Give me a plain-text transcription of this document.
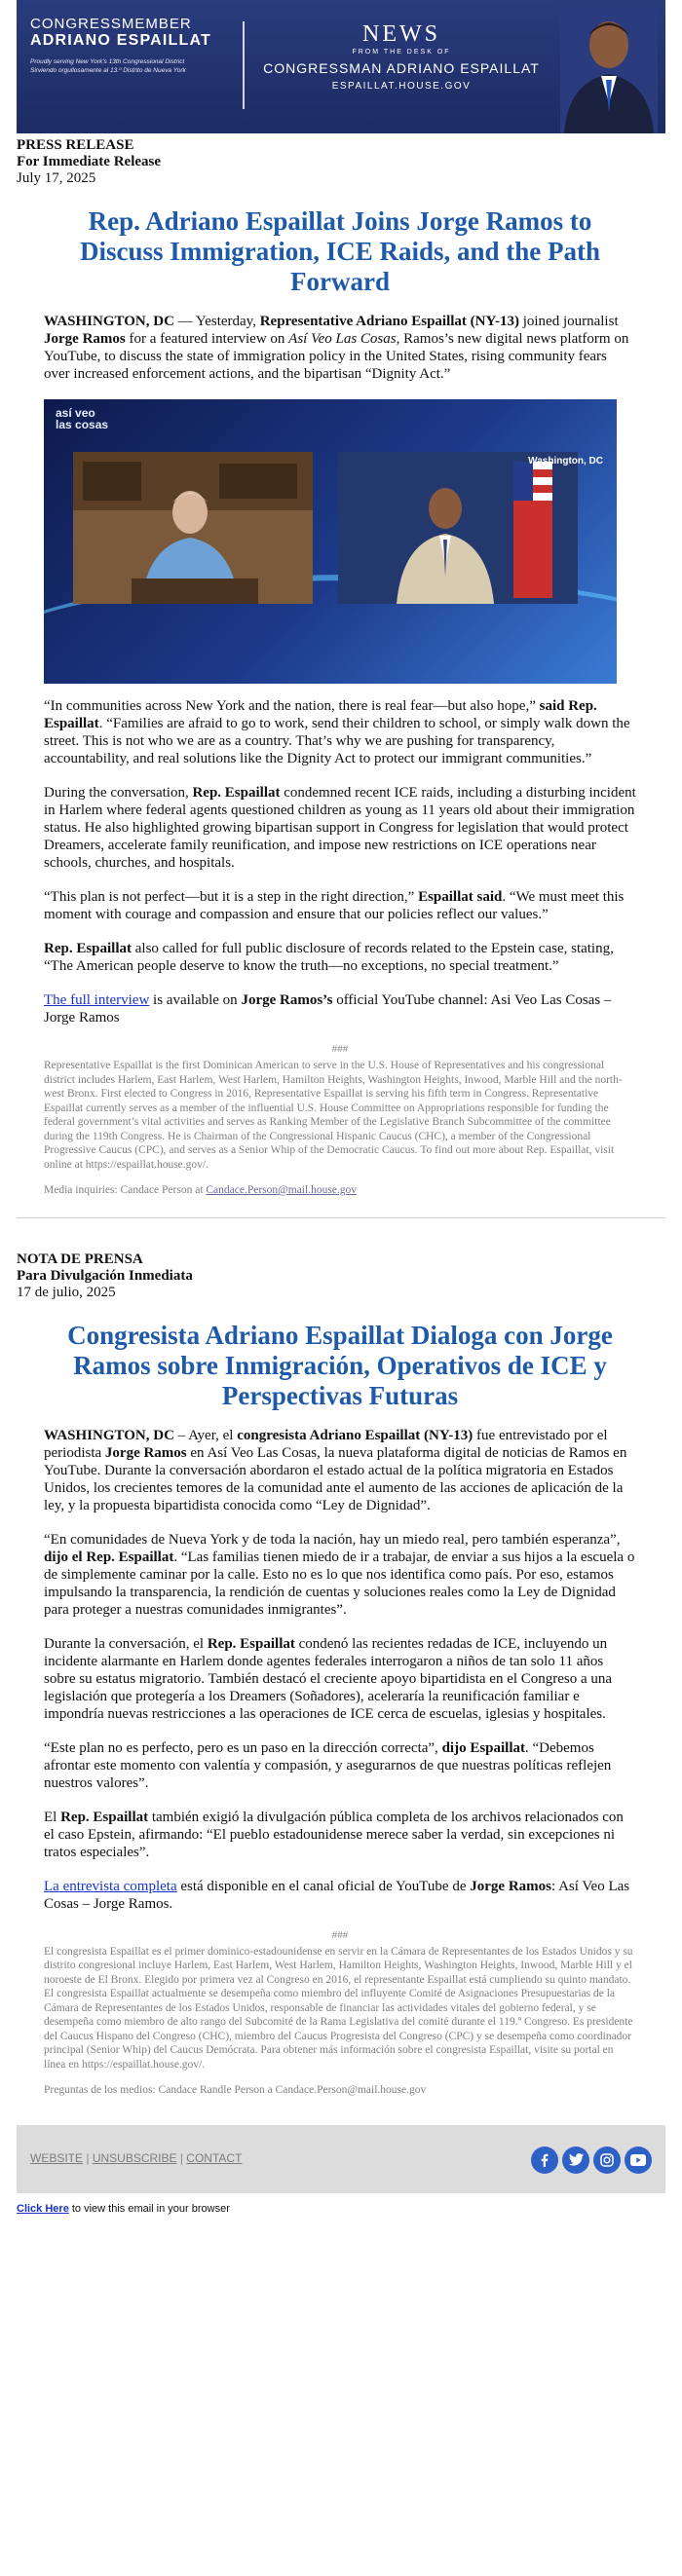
CONGRESSMEMBER
ADRIANO ESPAILLAT
Proudly serving New York's 13th Congressional District
Sirviendo orgullosamente al 13.º Distrito de Nueva York
NEWS
FROM THE DESK OF
CONGRESSMAN ADRIANO ESPAILLAT
ESPAILLAT.HOUSE.GOV
PRESS RELEASE
For Immediate Release
July 17, 2025
Rep. Adriano Espaillat Joins Jorge Ramos to Discuss Immigration, ICE Raids, and the Path Forward

WASHINGTON, DC — Yesterday, Representative Adriano Espaillat (NY-13) joined journalist Jorge Ramos for a featured interview on Así Veo Las Cosas, Ramos’s new digital news platform on YouTube, to discuss the state of immigration policy in the United States, rising community fears over increased enforcement actions, and the bipartisan “Dignity Act.”

así veo
las cosas
Washington, DC

“In communities across New York and the nation, there is real fear—but also hope,” said Rep. Espaillat. “Families are afraid to go to work, send their children to school, or simply walk down the street. This is not who we are as a country. That’s why we are pushing for transparency, accountability, and real solutions like the Dignity Act to protect our immigrant communities.”

During the conversation, Rep. Espaillat condemned recent ICE raids, including a disturbing incident in Harlem where federal agents questioned children as young as 11 years old about their immigration status. He also highlighted growing bipartisan support in Congress for legislation that would protect Dreamers, accelerate family reunification, and impose new restrictions on ICE operations near schools, churches, and hospitals.

“This plan is not perfect—but it is a step in the right direction,” Espaillat said. “We must meet this moment with courage and compassion and ensure that our policies reflect our values.”

Rep. Espaillat also called for full public disclosure of records related to the Epstein case, stating, “The American people deserve to know the truth—no exceptions, no special treatment.”

The full interview is available on Jorge Ramos’s official YouTube channel: Asi Veo Las Cosas – Jorge Ramos

###

Representative Espaillat is the first Dominican American to serve in the U.S. House of Representatives and his congressional district includes Harlem, East Harlem, West Harlem, Hamilton Heights, Washington Heights, Inwood, Marble Hill and the north-west Bronx. First elected to Congress in 2016, Representative Espaillat is serving his fifth term in Congress. Representative Espaillat currently serves as a member of the influential U.S. House Committee on Appropriations responsible for funding the federal government’s vital activities and serves as Ranking Member of the Legislative Branch Subcommittee of the committee during the 119th Congress. He is Chairman of the Congressional Hispanic Caucus (CHC), a member of the Congressional Progressive Caucus (CPC), and serves as a Senior Whip of the Democratic Caucus. To find out more about Rep. Espaillat, visit online at https://espaillat.house.gov/.

Media inquiries: Candace Person at Candace.Person@mail.house.gov

NOTA DE PRENSA
Para Divulgación Inmediata
17 de julio, 2025
Congresista Adriano Espaillat Dialoga con Jorge Ramos sobre Inmigración, Operativos de ICE y Perspectivas Futuras

WASHINGTON, DC – Ayer, el congresista Adriano Espaillat (NY-13) fue entrevistado por el periodista Jorge Ramos en Así Veo Las Cosas, la nueva plataforma digital de noticias de Ramos en YouTube. Durante la conversación abordaron el estado actual de la política migratoria en Estados Unidos, los crecientes temores de la comunidad ante el aumento de las acciones de aplicación de la ley, y la propuesta bipartidista conocida como “Ley de Dignidad”.

“En comunidades de Nueva York y de toda la nación, hay un miedo real, pero también esperanza”, dijo el Rep. Espaillat. “Las familias tienen miedo de ir a trabajar, de enviar a sus hijos a la escuela o de simplemente caminar por la calle. Esto no es lo que nos identifica como país. Por eso, estamos impulsando la transparencia, la rendición de cuentas y soluciones reales como la Ley de Dignidad para proteger a nuestras comunidades inmigrantes”.

Durante la conversación, el Rep. Espaillat condenó las recientes redadas de ICE, incluyendo un incidente alarmante en Harlem donde agentes federales interrogaron a niños de tan solo 11 años sobre su estatus migratorio. También destacó el creciente apoyo bipartidista en el Congreso a una legislación que protegería a los Dreamers (Soñadores), aceleraría la reunificación familiar e impondría nuevas restricciones a las operaciones de ICE cerca de escuelas, iglesias y hospitales.

“Este plan no es perfecto, pero es un paso en la dirección correcta”, dijo Espaillat. “Debemos afrontar este momento con valentía y compasión, y asegurarnos de que nuestras políticas reflejen nuestros valores”.

El Rep. Espaillat también exigió la divulgación pública completa de los archivos relacionados con el caso Epstein, afirmando: “El pueblo estadounidense merece saber la verdad, sin excepciones ni tratos especiales”.

La entrevista completa está disponible en el canal oficial de YouTube de Jorge Ramos: Así Veo Las Cosas – Jorge Ramos.

###

El congresista Espaillat es el primer dominico-estadounidense en servir en la Cámara de Representantes de los Estados Unidos y su distrito congresional incluye Harlem, East Harlem, West Harlem, Hamilton Heights, Washington Heights, Inwood, Marble Hill y el noroeste de El Bronx. Elegido por primera vez al Congreso en 2016, el representante Espaillat está cumpliendo su quinto mandato. El congresista Espaillat actualmente se desempeña como miembro del influyente Comité de Asignaciones Presupuestarias de la Cámara de Representantes de los Estados Unidos, responsable de financiar las actividades vitales del gobierno federal, y se desempeña como miembro de alto rango del Subcomité de la Rama Legislativa del comité durante el 119.º Congreso. Es presidente del Caucus Hispano del Congreso (CHC), miembro del Caucus Progresista del Congreso (CPC) y se desempeña como coordinador principal (Senior Whip) del Caucus Demócrata. Para obtener más información sobre el congresista Espaillat, visite su portal en línea en https://espaillat.house.gov/.

Preguntas de los medios: Candace Randle Person a Candace.Person@mail.house.gov

WEBSITE | UNSUBSCRIBE | CONTACT
Click Here to view this email in your browser
